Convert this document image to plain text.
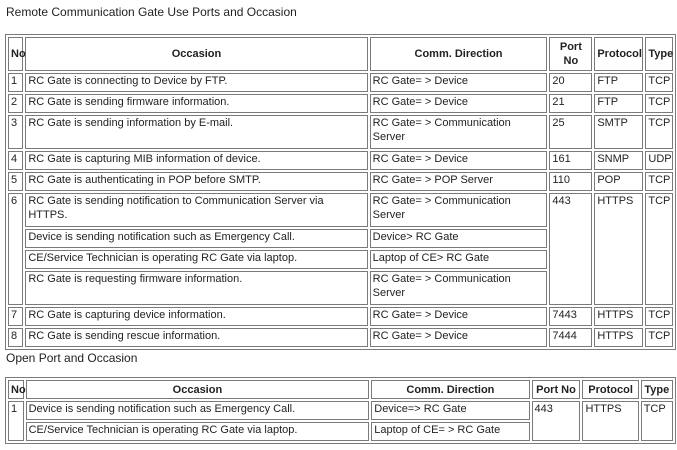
Remote Communication Gate Use Ports and Occasion
No	Occasion	Comm. Direction	Port No	Protocol	Type
1	RC Gate is connecting to Device by FTP.	RC Gate= > Device	20	FTP	TCP
2	RC Gate is sending firmware information.	RC Gate= > Device	21	FTP	TCP
3	RC Gate is sending information by E-mail.	RC Gate= > Communication Server	25	SMTP	TCP
4	RC Gate is capturing MIB information of device.	RC Gate= > Device	161	SNMP	UDP
5	RC Gate is authenticating in POP before SMTP.	RC Gate= > POP Server	110	POP	TCP
6	RC Gate is sending notification to Communication Server via HTTPS.	RC Gate= > Communication Server	443	HTTPS	TCP
	Device is sending notification such as Emergency Call.	Device> RC Gate			
	CE/Service Technician is operating RC Gate via laptop.	Laptop of CE> RC Gate			
	RC Gate is requesting firmware information.	RC Gate= > Communication Server			
7	RC Gate is capturing device information.	RC Gate= > Device	7443	HTTPS	TCP
8	RC Gate is sending rescue information.	RC Gate= > Device	7444	HTTPS	TCP
Open Port and Occasion
No	Occasion	Comm. Direction	Port No	Protocol	Type
1	Device is sending notification such as Emergency Call.	Device=> RC Gate	443	HTTPS	TCP
	CE/Service Technician is operating RC Gate via laptop.	Laptop of CE= > RC Gate			
